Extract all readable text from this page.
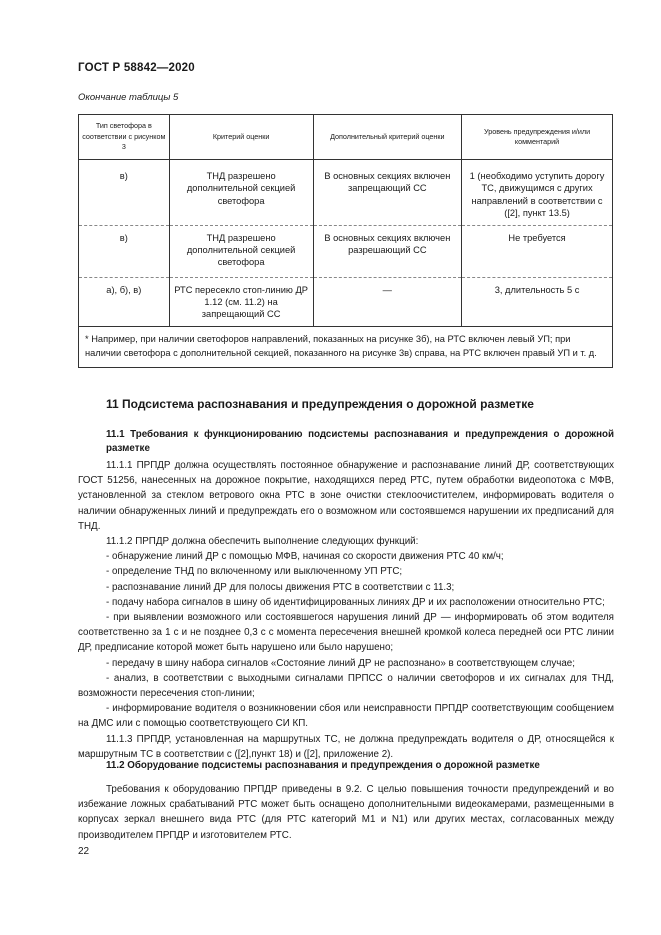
ГОСТ Р 58842—2020
Окончание таблицы 5
Тип светофора в соответствии с рисунком 3	Критерий оценки	Дополнительный критерий оценки	Уровень предупреждения и/или комментарий
в)	ТНД разрешено дополнительной секцией светофора	В основных секциях включен запрещающий СС	1 (необходимо уступить дорогу ТС, движущимся с других направлений в соответствии с ([2], пункт 13.5)
в)	ТНД разрешено дополнительной секцией светофора	В основных секциях включен разрешающий СС	Не требуется
а), б), в)	РТС пересекло стоп-линию ДР 1.12 (см. 11.2) на запрещающий СС	—	3, длительность 5 с
* Например, при наличии светофоров направлений, показанных на рисунке 3б), на РТС включен левый УП; при наличии светофора с дополнительной секцией, показанного на рисунке 3в) справа, на РТС включен правый УП и т. д.			
11 Подсистема распознавания и предупреждения о дорожной разметке
11.1 Требования к функционированию подсистемы распознавания и предупреждения о дорожной разметке

11.1.1 ПРПДР должна осуществлять постоянное обнаружение и распознавание линий ДР, соответствующих ГОСТ 51256, нанесенных на дорожное покрытие, находящихся перед РТС, путем обработки видеопотока с МФВ, установленной за стеклом ветрового окна РТС в зоне очистки стеклоочистителем, информировать водителя о наличии обнаруженных линий и предупреждать его о возможном или состоявшемся нарушении их предписаний для ТНД.

11.1.2 ПРПДР должна обеспечить выполнение следующих функций:

- обнаружение линий ДР с помощью МФВ, начиная со скорости движения РТС 40 км/ч;

- определение ТНД по включенному или выключенному УП РТС;

- распознавание линий ДР для полосы движения РТС в соответствии с 11.3;

- подачу набора сигналов в шину об идентифицированных линиях ДР и их расположении относительно РТС;

- при выявлении возможного или состоявшегося нарушения линий ДР — информировать об этом водителя соответственно за 1 с и не позднее 0,3 с с момента пересечения внешней кромкой колеса передней оси РТС линии ДР, предписание которой может быть нарушено или было нарушено;

- передачу в шину набора сигналов «Состояние линий ДР не распознано» в соответствующем случае;

- анализ, в соответствии с выходными сигналами ПРПСС о наличии светофоров и их сигналах для ТНД, возможности пересечения стоп-линии;

- информирование водителя о возникновении сбоя или неисправности ПРПДР соответствующим сообщением на ДМС или с помощью соответствующего СИ КП.

11.1.3 ПРПДР, установленная на маршрутных ТС, не должна предупреждать водителя о ДР, относящейся к маршрутным ТС в соответствии с ([2],пункт 18) и ([2], приложение 2).

11.2 Оборудование подсистемы распознавания и предупреждения о дорожной разметке

Требования к оборудованию ПРПДР приведены в 9.2. С целью повышения точности предупреждений и во избежание ложных срабатываний РТС может быть оснащено дополнительными видеокамерами, размещенными в корпусах зеркал внешнего вида РТС (для РТС категорий M1 и N1) или других местах, согласованных между производителем ПРПДР и изготовителем РТС.

22
